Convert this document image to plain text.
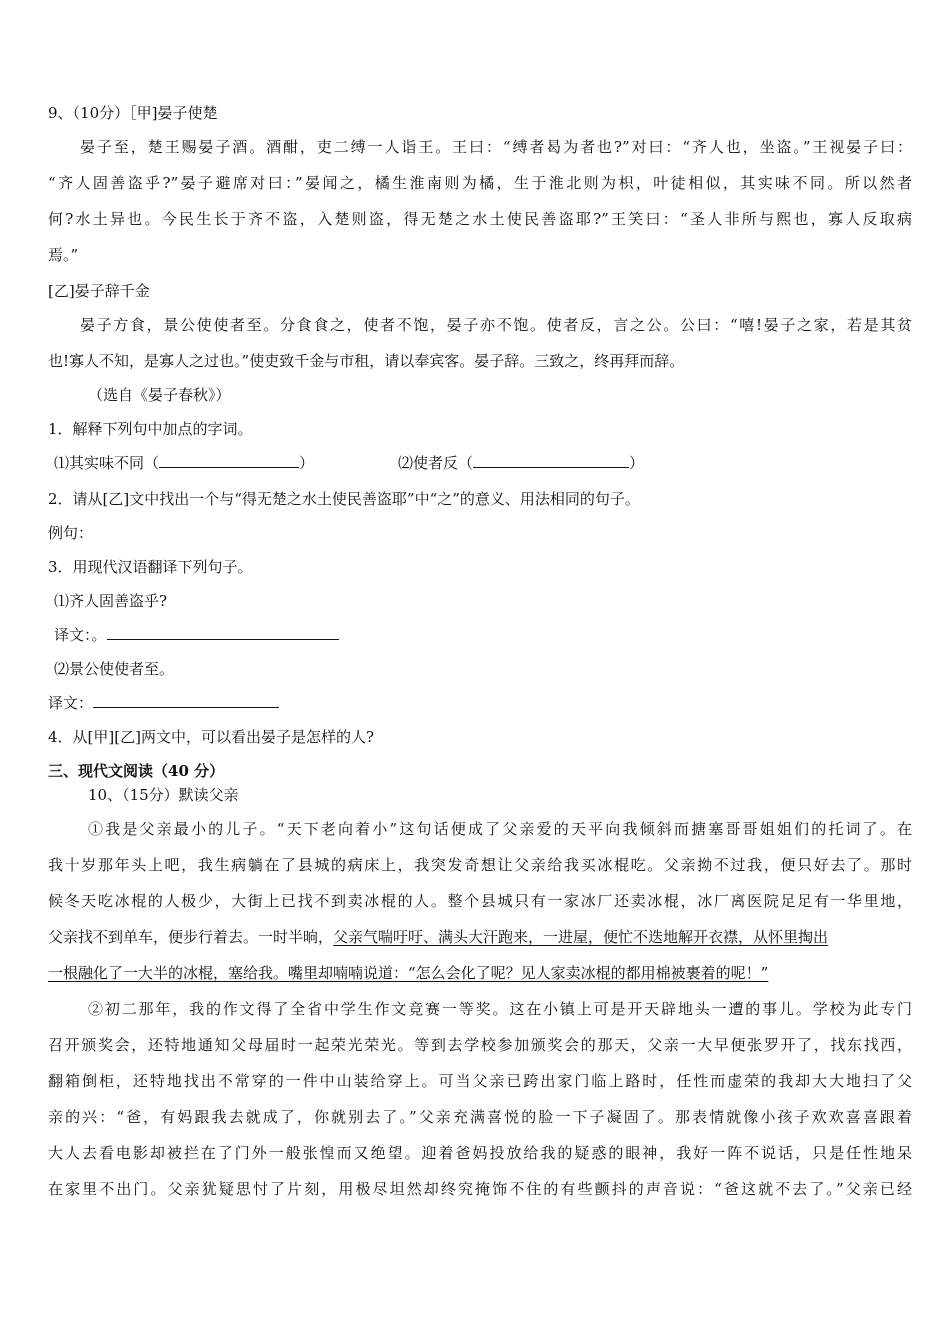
9、（10分）［甲]晏子使楚
晏子至，楚王赐晏子酒。酒酣，吏二缚一人诣王。王曰：“缚者曷为者也?”对曰：“齐人也，坐盗。”王视晏子曰：
“齐人固善盗乎?”晏子避席对曰：”晏闻之，橘生淮南则为橘，生于淮北则为枳，叶徒相似，其实味不同。所以然者
何?水土异也。今民生长于齐不盗，入楚则盗，得无楚之水土使民善盗耶?”王笑曰：“圣人非所与熙也，寡人反取病
焉。”
[乙]晏子辞千金
晏子方食，景公使使者至。分食食之，使者不饱，晏子亦不饱。使者反，言之公。公曰：“嘻!晏子之家，若是其贫
也!寡人不知，是寡人之过也。”使吏致千金与市租，请以奉宾客。晏子辞。三致之，终再拜而辞。
（选自《晏子春秋》）
1．解释下列句中加点的字词。
⑴其实味不同（	）	⑵使者反（	）
2．请从[乙]文中找出一个与“得无楚之水土使民善盗耶”中“之”的意义、用法相同的句子。
例句：
3．用现代汉语翻译下列句子。
⑴齐人固善盗乎?
译文：。
⑵景公使使者至。
译文：
4．从[甲][乙]两文中，可以看出晏子是怎样的人?
三、现代文阅读（40 分）
10、（15分）默读父亲
①我是父亲最小的儿子。“天下老向着小”这句话便成了父亲爱的天平向我倾斜而搪塞哥哥姐姐们的托词了。在
我十岁那年头上吧，我生病躺在了县城的病床上，我突发奇想让父亲给我买冰棍吃。父亲拗不过我，便只好去了。那时
候冬天吃冰棍的人极少，大街上已找不到卖冰棍的人。整个县城只有一家冰厂还卖冰棍，冰厂离医院足足有一华里地，
父亲找不到单车，便步行着去。一时半晌，父亲气喘吁吁、满头大汗跑来，一进屋，便忙不迭地解开衣襟，从怀里掏出
一根融化了一大半的冰棍，塞给我。嘴里却喃喃说道：“怎么会化了呢？见人家卖冰棍的都用棉被裹着的呢！”
②初二那年，我的作文得了全省中学生作文竞赛一等奖。这在小镇上可是开天辟地头一遭的事儿。学校为此专门
召开颁奖会，还特地通知父母届时一起荣光荣光。等到去学校参加颁奖会的那天，父亲一大早便张罗开了，找东找西，
翻箱倒柜，还特地找出不常穿的一件中山装给穿上。可当父亲已跨出家门临上路时，任性而虚荣的我却大大地扫了父
亲的兴：“爸，有妈跟我去就成了，你就别去了。”父亲充满喜悦的脸一下子凝固了。那表情就像小孩子欢欢喜喜跟着
大人去看电影却被拦在了门外一般张惶而又绝望。迎着爸妈投放给我的疑惑的眼神，我好一阵不说话，只是任性地呆
在家里不出门。父亲犹疑思忖了片刻，用极尽坦然却终究掩饰不住的有些颤抖的声音说：“爸这就不去了。”父亲已经
